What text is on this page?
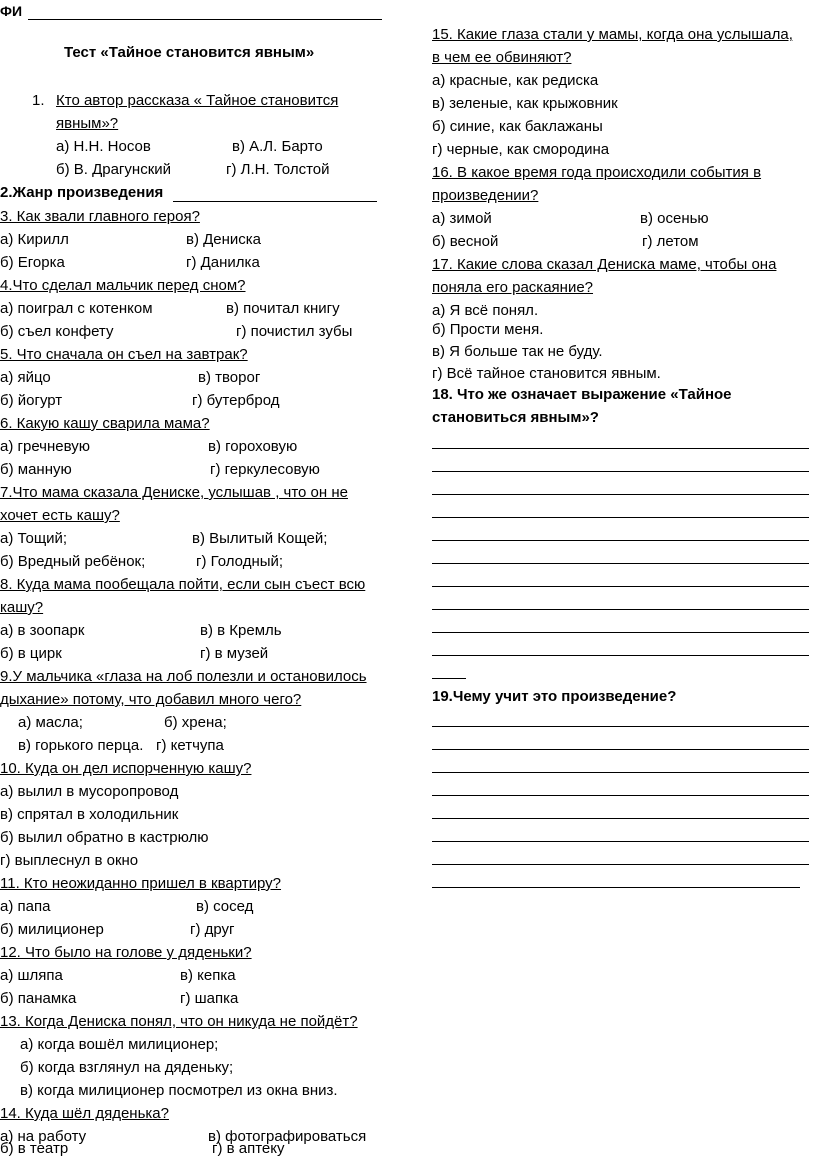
ФИ
Тест «Тайное становится явным»
1. Кто автор рассказа « Тайное становится
явным»?
а) Н.Н. Носов	в) А.Л. Барто
б) В. Драгунский	г) Л.Н. Толстой
2.Жанр произведения
3. Как звали главного героя?
а) Кирилл	в) Дениска
б) Егорка	г) Данилка
4.Что сделал мальчик перед сном?
а) поиграл с котенком	в) почитал книгу
б) съел конфету	г) почистил зубы
5. Что сначала он съел на завтрак?
а) яйцо	в) творог
б) йогурт	г) бутерброд
6. Какую кашу сварила мама?
а) гречневую	в) гороховую
б) манную	г) геркулесовую
7.Что мама сказала Дениске, услышав , что он не
хочет есть кашу?
а) Тощий;	в) Вылитый Кощей;
б) Вредный ребёнок;	г) Голодный;
8. Куда мама пообещала пойти, если сын съест всю
кашу?
а) в зоопарк	в) в Кремль
б) в цирк	г) в музей
9.У мальчика «глаза на лоб полезли и остановилось
дыхание» потому, что добавил много чего?
а) масла;	б) хрена;
в) горького перца. г) кетчупа
10. Куда он дел испорченную кашу?
а) вылил в мусоропровод
в) спрятал в холодильник
б) вылил обратно в кастрюлю
г) выплеснул в окно
11. Кто неожиданно пришел в квартиру?
а) папа	в) сосед
б) милиционер	г) друг
12. Что было на голове у дяденьки?
а) шляпа	в) кепка
б) панамка	г) шапка
13. Когда Дениска понял, что он никуда не пойдёт?
а) когда вошёл милиционер;
б) когда взглянул на дяденьку;
в) когда милиционер посмотрел из окна вниз.
14. Куда шёл дяденька?
а) на работу	в) фотографироваться
б) в театр	г) в аптеку
15. Какие глаза стали у мамы, когда она услышала,
в чем ее обвиняют?
а) красные, как редиска
в) зеленые, как крыжовник
б) синие, как баклажаны
г) черные, как смородина
16. В какое время года происходили события в
произведении?
а) зимой	в) осенью
б) весной	г) летом
17. Какие слова сказал Дениска маме, чтобы она
поняла его раскаяние?
а) Я всё понял.
б) Прости меня.
в) Я больше так не буду.
г) Всё тайное становится явным.
18. Что же означает выражение «Тайное
становиться явным»?
19.Чему учит это произведение?
